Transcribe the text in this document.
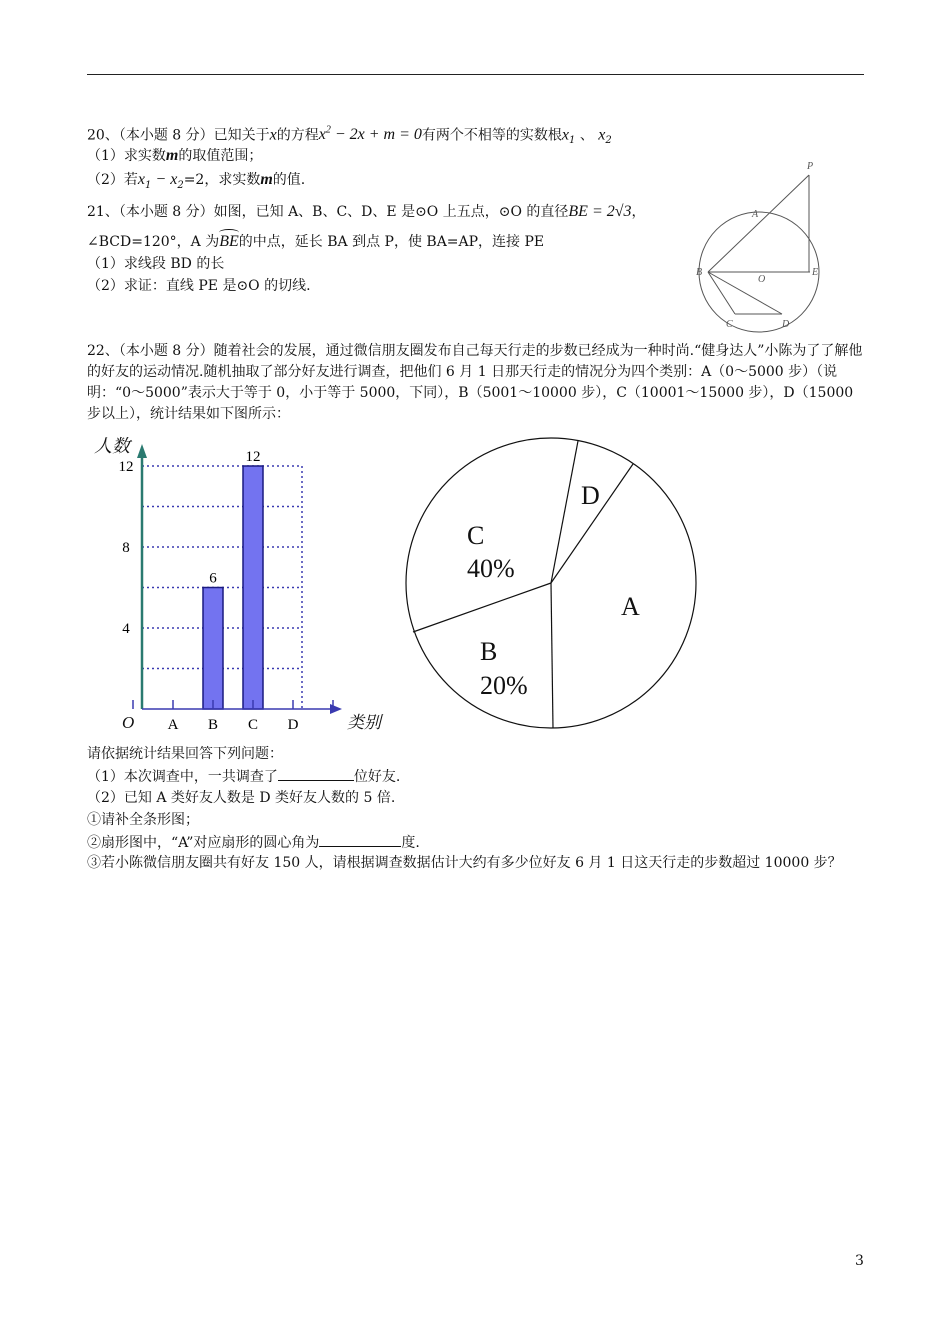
20、（本小题 8 分）已知关于x的方程$x^2 - 2x + m = 0$有两个不相等的实数根$x_1$ 、 $x_2$
（1）求实数m的取值范围；
（2）若$x_1 - x_2=2$，求实数m的值.
21、（本小题 8 分）如图，已知 A、B、C、D、E 是⊙O 上五点，⊙O 的直径BE = 2√3，
∠BCD=120°，A 为
BE的中点，延长 BA 到点 P，使 BA=AP，连接 PE
（1）求线段 BD 的长
（2）求证：直线 PE 是⊙O 的切线.
P
A
B
O
E
C	D
22、（本小题 8 分）随着社会的发展，通过微信朋友圈发布自己每天行走的步数已经成为一种时尚.“健身达人”小陈为了了解他的好友的运动情况.随机抽取了部分好友进行调查，把他们 6 月 1 日那天行走的情况分为四个类别：A（0～5000 步）（说明：“0～5000”表示大于等于 0，小于等于 5000，下同），B（5001～10000 步），C（10001～15000 步），D（15000 步以上），统计结果如下图所示：
A
6
B
12
C D
4
8
12
人数
类别
O
D
C
40%
A
B
20%
请依据统计结果回答下列问题：
（1）本次调查中，一共调查了	位好友.
（2）已知 A 类好友人数是 D 类好友人数的 5 倍.
①请补全条形图；
②扇形图中，“A”对应扇形的圆心角为	度.
③若小陈微信朋友圈共有好友 150 人，请根据调查数据估计大约有多少位好友 6 月 1 日这天行走的步数超过 10000 步？
3
